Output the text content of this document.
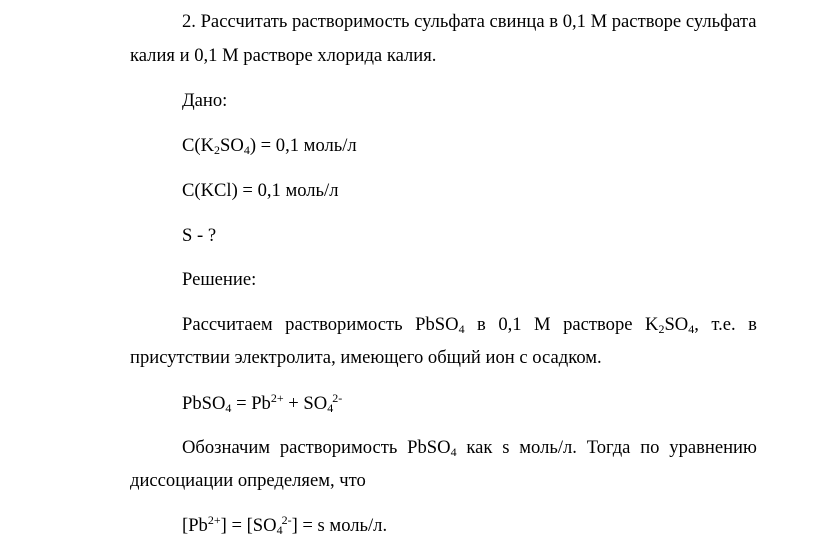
2. Рассчитать растворимость сульфата свинца в 0,1 М растворе сульфата
калия и 0,1 М растворе хлорида калия.
Дано:
$C(K_2SO_4) = 0,1$ моль/л
C(KCl) = 0,1 моль/л
S - ?
Решение:
Рассчитаем растворимость PbSO$_4$ в 0,1 М растворе $K_2SO_4$, т.е. в
присутствии электролита, имеющего общий ион с осадком.
PbSO$_4$ = $Pb^{2+} + SO_4^{2-}$
Обозначим растворимость PbSO$_4$ как s моль/л. Тогда по уравнению
диссоциации определяем, что
$[Pb^{2+}] = [SO_4^{2-}] = s$ моль/л.
